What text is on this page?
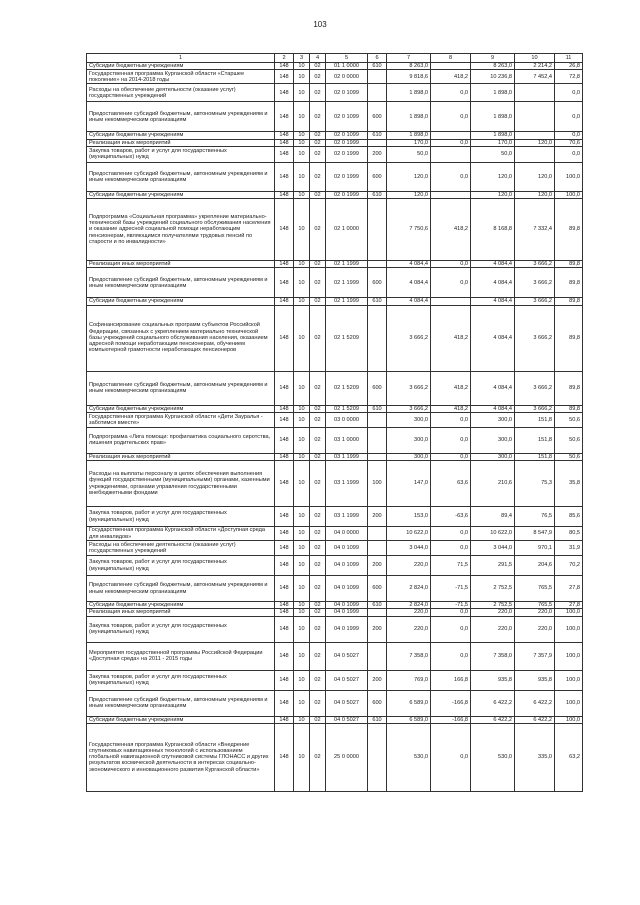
103
1	2	3	4	5	6	7	8	9	10	11
Субсидии бюджетным учреждениям	148	10	02	01 1 0000	610	8 263,0		8 263,0	2 214,2	26,8
Государственная программа Курганской области «Старшее поколение» на 2014-2018 годы	148	10	02	02 0 0000		9 818,6	418,2	10 236,8	7 452,4	72,8
Расходы на обеспечение деятельности (оказание услуг) государственных учреждений	148	10	02	02 0 1099		1 898,0	0,0	1 898,0		0,0
Предоставление субсидий бюджетным, автономным учреждениям и иным некоммерческим организациям	148	10	02	02 0 1099	600	1 898,0	0,0	1 898,0		0,0
Субсидии бюджетным учреждениям	148	10	02	02 0 1099	610	1 898,0		1 898,0		0,0
Реализация иных мероприятий	148	10	02	02 0 1999		170,0	0,0	170,0	120,0	70,6
Закупка товаров, работ и услуг для государственных (муниципальных) нужд	148	10	02	02 0 1999	200	50,0		50,0		0,0
Предоставление субсидий бюджетным, автономным учреждениям и иным некоммерческим организациям	148	10	02	02 0 1999	600	120,0	0,0	120,0	120,0	100,0
Субсидии бюджетным учреждениям	148	10	02	02 0 1999	610	120,0		120,0	120,0	100,0
Подпрограмма «Социальная программа» укрепление материально-технической базы учреждений социального обслуживания населения и оказание адресной социальной помощи неработающим пенсионерам, являющимся получателями трудовых пенсий по старости и по инвалидности»	148	10	02	02 1 0000		7 750,6	418,2	8 168,8	7 332,4	89,8
Реализация иных мероприятий	148	10	02	02 1 1999		4 084,4	0,0	4 084,4	3 666,2	89,8
Предоставление субсидий бюджетным, автономным учреждениям и иным некоммерческим организациям	148	10	02	02 1 1999	600	4 084,4	0,0	4 084,4	3 666,2	89,8
Субсидии бюджетным учреждениям	148	10	02	02 1 1999	610	4 084,4		4 084,4	3 666,2	89,8
Софинансирование социальных программ субъектов Российской Федерации, связанных с укреплением материально технической базы учреждений социального обслуживания населения, оказанием адресной помощи неработающим пенсионерам, обучением компьютерной грамотности неработающих пенсионеров	148	10	02	02 1 5209		3 666,2	418,2	4 084,4	3 666,2	89,8
Предоставление субсидий бюджетным, автономным учреждениям и иным некоммерческим организациям	148	10	02	02 1 5209	600	3 666,2	418,2	4 084,4	3 666,2	89,8
Субсидии бюджетным учреждениям	148	10	02	02 1 5209	610	3 666,2	418,2	4 084,4	3 666,2	89,8
Государственная программа Курганской области «Дети Зауралья - заботимся вместе»	148	10	02	03 0 0000		300,0	0,0	300,0	151,8	50,6
Подпрограмма «Лига помощи: профилактика социального сиротства, лишения родительских прав»	148	10	02	03 1 0000		300,0	0,0	300,0	151,8	50,6
Реализация иных мероприятий	148	10	02	03 1 1999		300,0	0,0	300,0	151,8	50,6
Расходы на выплаты персоналу в целях обеспечения выполнения функций государственными (муниципальными) органами, казенными учреждениями, органами управления государственными внебюджетными фондами	148	10	02	03 1 1999	100	147,0	63,6	210,6	75,3	35,8
Закупка товаров, работ и услуг для государственных (муниципальных) нужд	148	10	02	03 1 1999	200	153,0	-63,6	89,4	76,5	85,6
Государственная программа Курганской области «Доступная среда для инвалидов»	148	10	02	04 0 0000		10 622,0	0,0	10 622,0	8 547,9	80,5
Расходы на обеспечение деятельности (оказание услуг) государственных учреждений	148	10	02	04 0 1099		3 044,0	0,0	3 044,0	970,1	31,9
Закупка товаров, работ и услуг для государственных (муниципальных) нужд	148	10	02	04 0 1099	200	220,0	71,5	291,5	204,6	70,2
Предоставление субсидий бюджетным, автономным учреждениям и иным некоммерческим организациям	148	10	02	04 0 1099	600	2 824,0	-71,5	2 752,5	765,5	27,8
Субсидии бюджетным учреждениям	148	10	02	04 0 1099	610	2 824,0	-71,5	2 752,5	765,5	27,8
Реализация иных мероприятий	148	10	02	04 0 1999		220,0	0,0	220,0	220,0	100,0
Закупка товаров, работ и услуг для государственных (муниципальных) нужд	148	10	02	04 0 1999	200	220,0	0,0	220,0	220,0	100,0
Мероприятия государственной программы Российской Федерации «Доступная среда» на 2011 - 2015 годы	148	10	02	04 0 5027		7 358,0	0,0	7 358,0	7 357,9	100,0
Закупка товаров, работ и услуг для государственных (муниципальных) нужд	148	10	02	04 0 5027	200	769,0	166,8	935,8	935,8	100,0
Предоставление субсидий бюджетным, автономным учреждениям и иным некоммерческим организациям	148	10	02	04 0 5027	600	6 589,0	-166,8	6 422,2	6 422,2	100,0
Субсидии бюджетным учреждениям	148	10	02	04 0 5027	610	6 589,0	-166,8	6 422,2	6 422,2	100,0
Государственная программа Курганской области «Внедрение спутниковых навигационных технологий с использованием глобальной навигационной спутниковой системы ГЛОНАСС и других результатов космической деятельности в интересах социально-экономического и инновационного развития Курганской области»	148	10	02	25 0 0000		530,0	0,0	530,0	335,0	63,2
